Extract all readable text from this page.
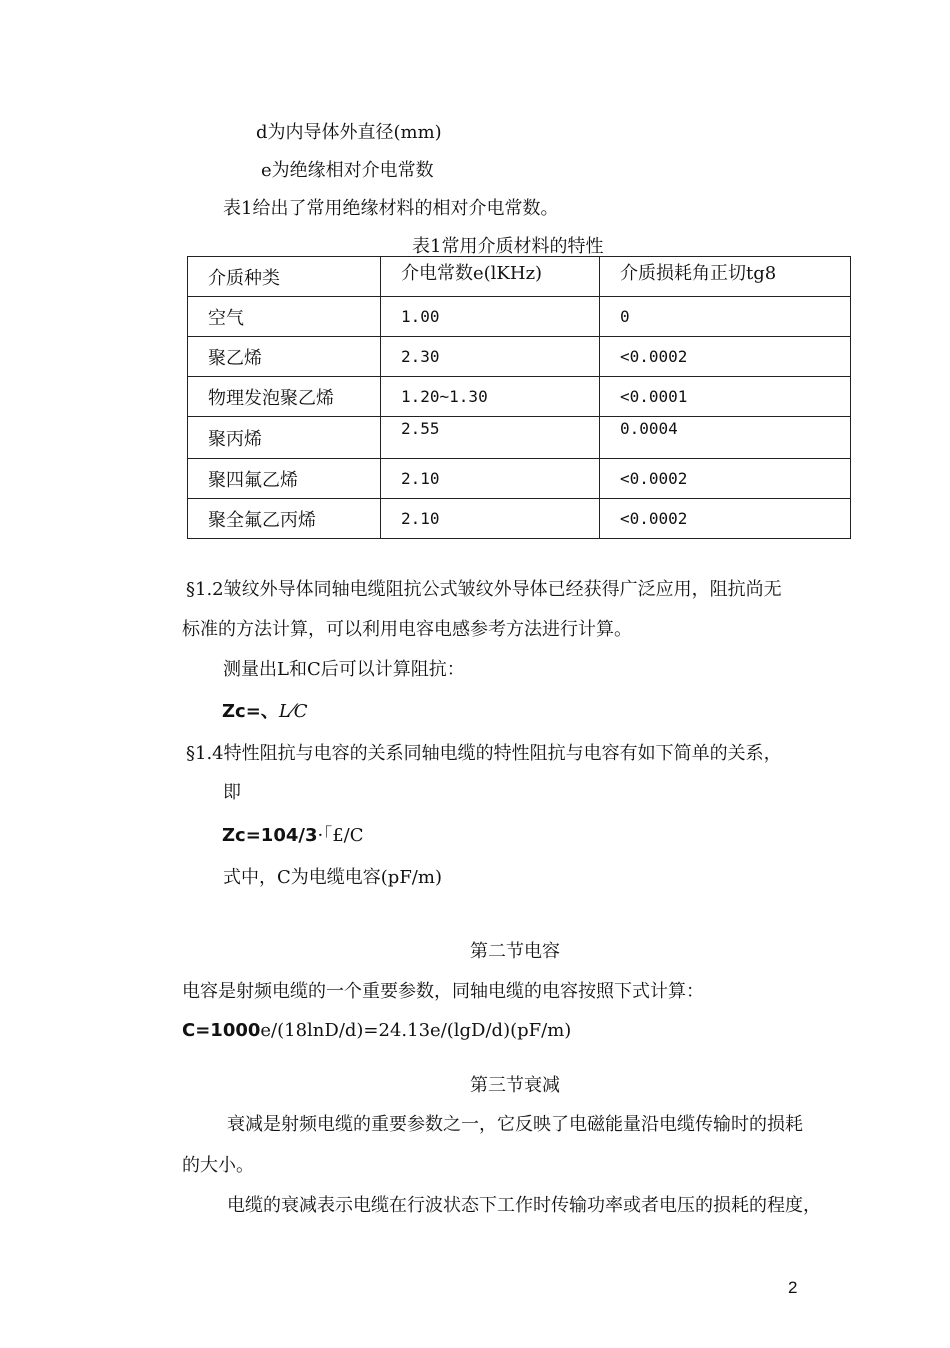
d为内导体外直径(mm)
e为绝缘相对介电常数
表1给出了常用绝缘材料的相对介电常数。
表1常用介质材料的特性
介质种类	介电常数e(lKHz)	介质损耗角正切tg8
空气	1.00	0
聚乙烯	2.30	<0.0002
物理发泡聚乙烯	1.20~1.30	<0.0001
聚丙烯	2.55	0.0004
聚四氟乙烯	2.10	<0.0002
聚全氟乙丙烯	2.10	<0.0002
§1.2皱纹外导体同轴电缆阻抗公式皱纹外导体已经获得广泛应用，阻抗尚无
标准的方法计算，可以利用电容电感参考方法进行计算。
测量出L和C后可以计算阻抗：
Zc=、L⁄C
§1.4特性阻抗与电容的关系同轴电缆的特性阻抗与电容有如下简单的关系，
即
Zc=104/3·「£/C
式中，C为电缆电容(pF/m)
第二节电容
电容是射频电缆的一个重要参数，同轴电缆的电容按照下式计算：
C=1000e/(18lnD/d)=24.13e/(lgD/d)(pF/m)
第三节衰减
衰减是射频电缆的重要参数之一，它反映了电磁能量沿电缆传输时的损耗
的大小。
电缆的衰减表示电缆在行波状态下工作时传输功率或者电压的损耗的程度，
2
